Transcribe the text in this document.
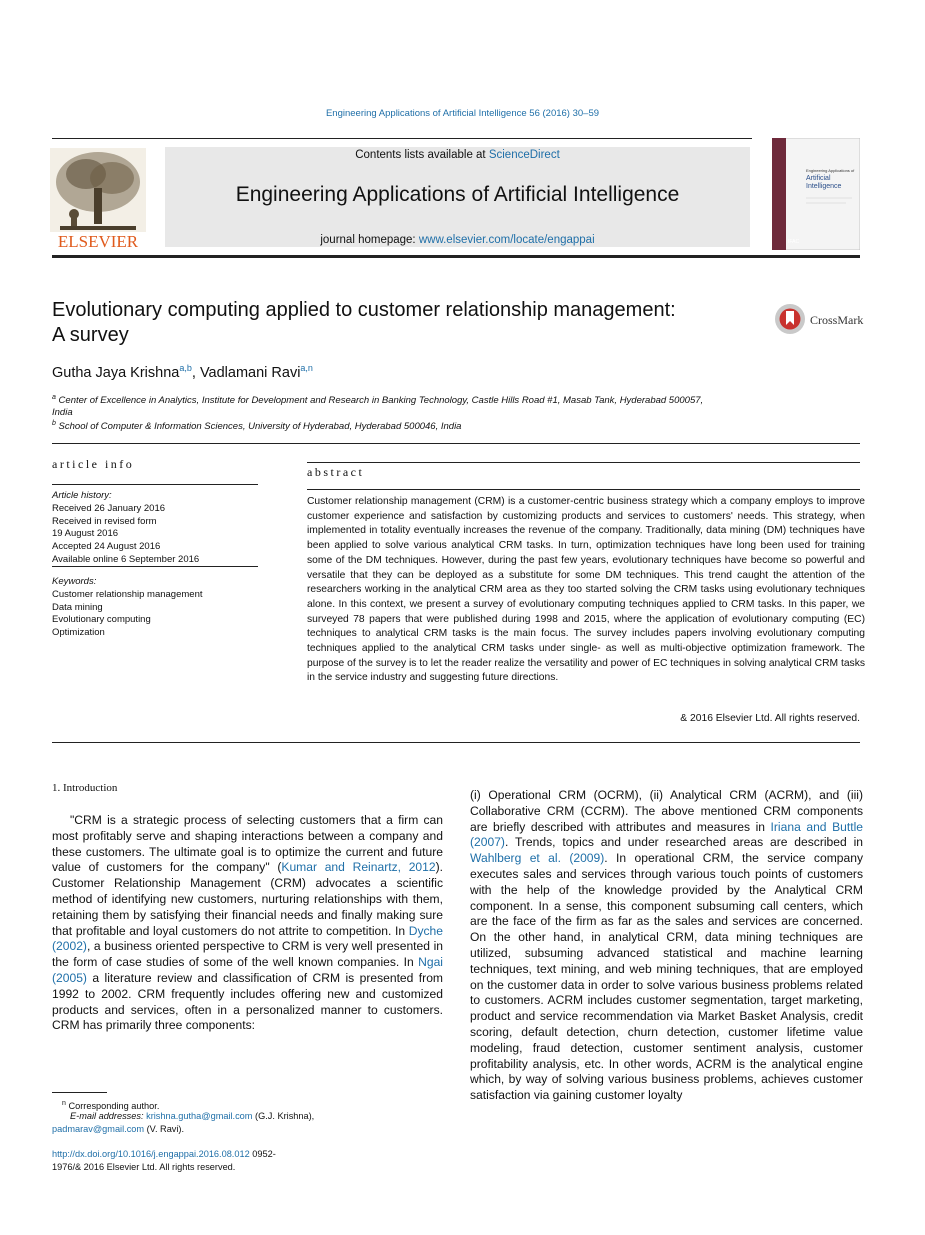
Engineering Applications of Artificial Intelligence 56 (2016) 30–59
ELSEVIER
Contents lists available at ScienceDirect
Engineering Applications of Artificial Intelligence
journal homepage: www.elsevier.com/locate/engappai
Engineering Applications of
Artificial
Intelligence
IFAC
Evolutionary computing applied to customer relationship management:
A survey
CrossMark
Gutha Jaya Krishna$^{a,b}$, Vadlamani Ravi$^{a,n}$
$^a$ Center of Excellence in Analytics, Institute for Development and Research in Banking Technology, Castle Hills Road #1, Masab Tank, Hyderabad 500057,
India
$^b$ School of Computer & Information Sciences, University of Hyderabad, Hyderabad 500046, India
article info
Article history:
Received 26 January 2016
Received in revised form
19 August 2016
Accepted 24 August 2016
Available online 6 September 2016
Keywords:
Customer relationship management
Data mining
Evolutionary computing
Optimization
abstract
Customer relationship management (CRM) is a customer-centric business strategy which a company employs to improve customer experience and satisfaction by customizing products and services to customers' needs. This strategy, when implemented in totality eventually increases the revenue of the company. Traditionally, data mining (DM) techniques have been applied to solve various analytical CRM tasks. In turn, optimization techniques have long been used for training some of the DM techniques. However, during the past few years, evolutionary techniques have become so powerful and versatile that they can be deployed as a substitute for some DM techniques. This trend caught the attention of the researchers working in the analytical CRM area as they too started solving the CRM tasks using evolutionary techniques alone. In this context, we present a survey of evolutionary computing techniques applied to CRM tasks. In this paper, we surveyed 78 papers that were published during 1998 and 2015, where the application of evolutionary computing (EC) techniques to analytical CRM tasks is the main focus. The survey includes papers involving evolutionary computing techniques applied to the analytical CRM tasks under single- as well as multi-objective optimization framework. The purpose of the survey is to let the reader realize the versatility and power of EC techniques in solving analytical CRM tasks in the service industry and suggesting future directions.
& 2016 Elsevier Ltd. All rights reserved.
1. Introduction

"CRM is a strategic process of selecting customers that a firm can most profitably serve and shaping interactions between a company and these customers. The ultimate goal is to optimize the current and future value of customers for the company" (Kumar and Reinartz, 2012). Customer Relationship Management (CRM) advocates a scientific method of identifying new customers, nurturing relationships with them, retaining them by satisfying their financial needs and finally making sure that profitable and loyal customers do not attrite to competition. In Dyche (2002), a business oriented perspective to CRM is very well presented in the form of case studies of some of the well known companies. In Ngai (2005) a literature review and classification of CRM is presented from 1992 to 2002. CRM frequently includes offering new and customized products and services, often in a personalized manner to customers. CRM has primarily three components:

(i) Operational CRM (OCRM), (ii) Analytical CRM (ACRM), and (iii) Collaborative CRM (CCRM). The above mentioned CRM components are briefly described with attributes and measures in Iriana and Buttle (2007). Trends, topics and under researched areas are described in Wahlberg et al. (2009). In operational CRM, the service company executes sales and services through various touch points of customers with the help of the knowledge provided by the Analytical CRM component. In a sense, this component subsuming call centers, which are the face of the firm as far as the sales and services are concerned. On the other hand, in analytical CRM, data mining techniques are utilized, subsuming advanced statistical and machine learning techniques, text mining, and web mining techniques, that are employed on the customer data in order to solve various business problems related to customers. ACRM includes customer segmentation, target marketing, product and service recommendation via Market Basket Analysis, credit scoring, default detection, churn detection, customer lifetime value modeling, fraud detection, customer sentiment analysis, customer profitability analysis, etc. In other words, ACRM is the analytical engine which, by way of solving various business problems, achieves customer satisfaction via gaining customer loyalty

$^n$ Corresponding author.
E-mail addresses: krishna.gutha@gmail.com (G.J. Krishna),
padmarav@gmail.com (V. Ravi).
http://dx.doi.org/10.1016/j.engappai.2016.08.012 0952-
1976/& 2016 Elsevier Ltd. All rights reserved.
